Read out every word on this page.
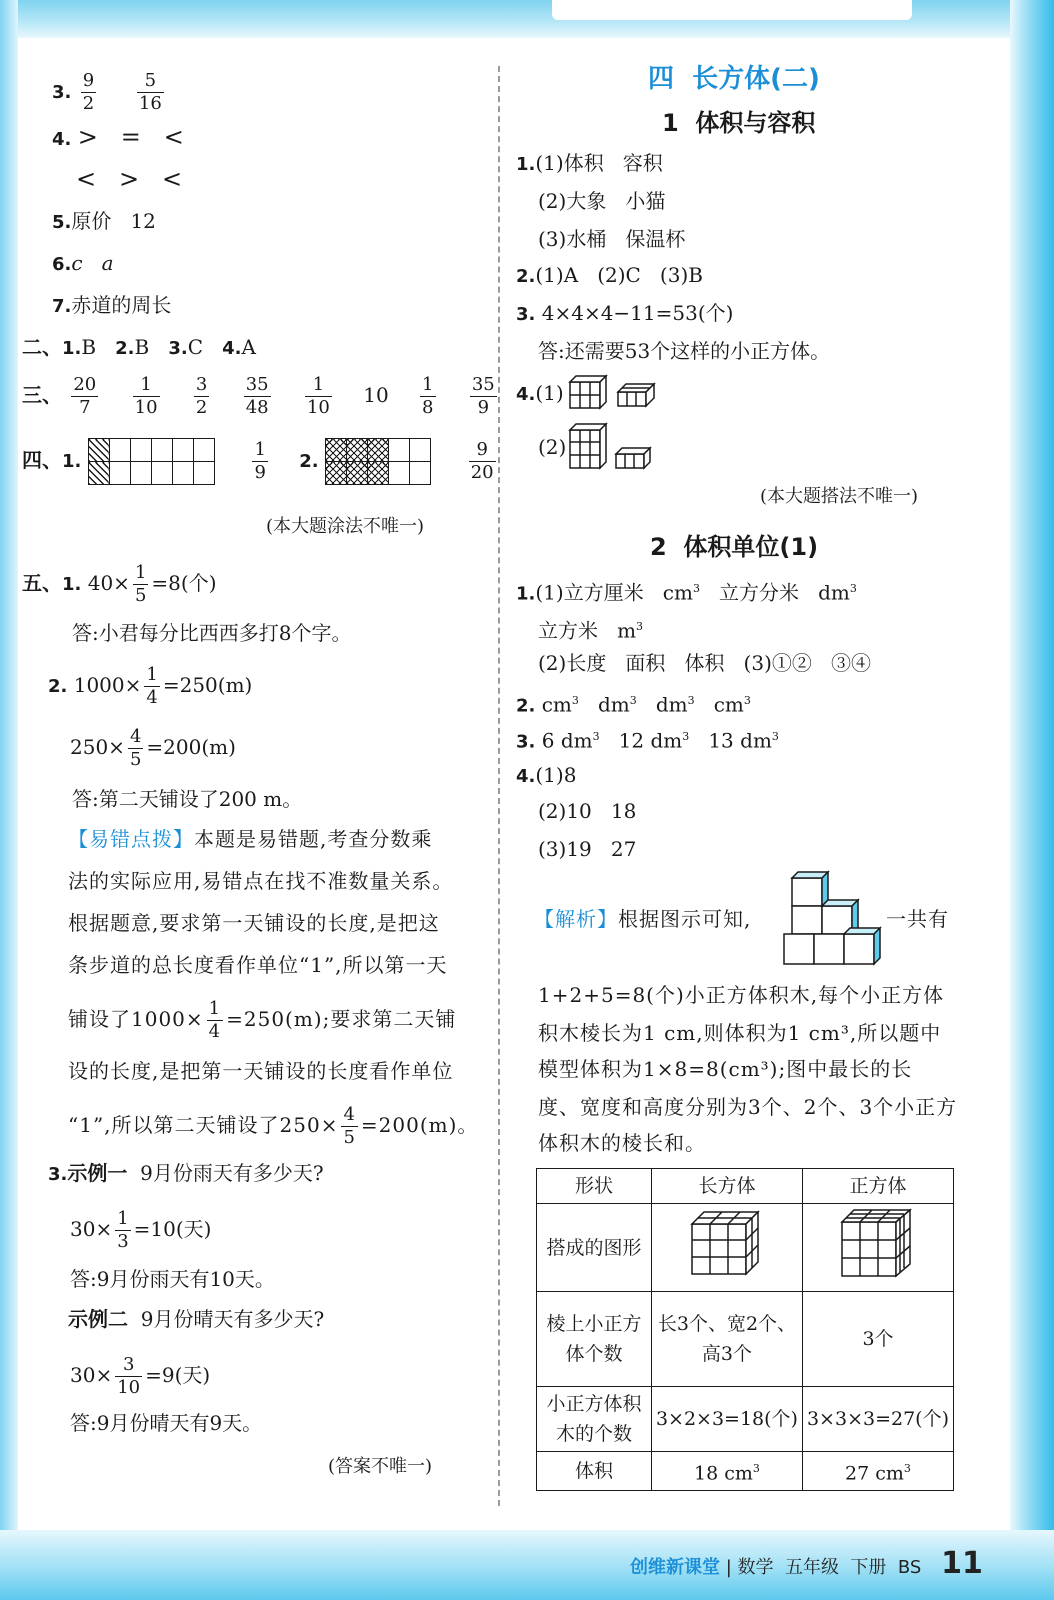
3. $\frac{9}{2}$
$\frac{5}{16}$
4. >   =   <
<   >   <
5.原价   12
6.c   a
7.赤道的周长
二、1.B 2.B 3.C 4.A
三、 $\frac{20}{7}$
$\frac{1}{10}$
$\frac{3}{2}$
$\frac{35}{48}$
$\frac{1}{10} 10 \frac{1}{8}$
$\frac{35}{9}$
四、1.					
						$\frac{1}{9} 2$.				
					$\frac{9}{20}$
(本大题涂法不唯一)
五、1. $40\times \frac{1}{5} =8$(个)
答:小君每分比西西多打8个字。
2. $1000\times \frac{1}{4} =250(m)$
$250\times \frac{4}{5} =200(m)$
答:第二天铺设了200 m。
【易错点拨】本题是易错题,考查分数乘
法的实际应用,易错点在找不准数量关系。
根据题意,要求第一天铺设的长度,是把这
条步道的总长度看作单位“1”,所以第一天
铺设了$1000\times \frac{1}{4} =250(m)$;要求第二天铺
设的长度,是把第一天铺设的长度看作单位
“1”,所以第二天铺设了$250\times \frac{4}{5} =200(m)$。
3.示例一 9月份雨天有多少天?
$30\times \frac{1}{3} =10$(天)
答:9月份雨天有10天。
示例二 9月份晴天有多少天?
$30\times \frac{3}{10} =9$(天)
答:9月份晴天有9天。
(答案不唯一)
四  长方体(二)
1  体积与容积
1.(1)体积   容积
(2)大象   小猫
(3)水桶   保温杯
2.(1)A   (2)C   (3)B
3. 4×4×4−11=53(个)
答:还需要53个这样的小正方体。
4.(1)
(2)
(本大题搭法不唯一)
2  体积单位(1)
1.(1)立方厘米   $cm^3$   立方分米   $dm^3$
立方米   $m^3$
(2)长度   面积   体积   (3)①②   ③④
2. $cm^3$ $dm^3$ $dm^3$ $cm^3$
3. 6 $dm^3$ 12 $dm^3$ 13 $dm^3$
4.(1)8
(2)10   18
(3)19   27
【解析】根据图示可知,	一共有
1+2+5=8(个)小正方体积木,每个小正方体
积木棱长为1 cm,则体积为1 cm³,所以题中
模型体积为1×8=8(cm³);图中最长的长
度、宽度和高度分别为3个、2个、3个小正方
体积木的棱长和。
形状	长方体	正方体
搭成的图形		
棱上小正方体个数	长3个、宽2个、高3个	3个
小正方体积木的个数	3×2×3=18(个)	3×3×3=27(个)
体积	18 $cm^3$	27 $cm^3$
创维新课堂 | 数学 五年级 下册 BS 11
